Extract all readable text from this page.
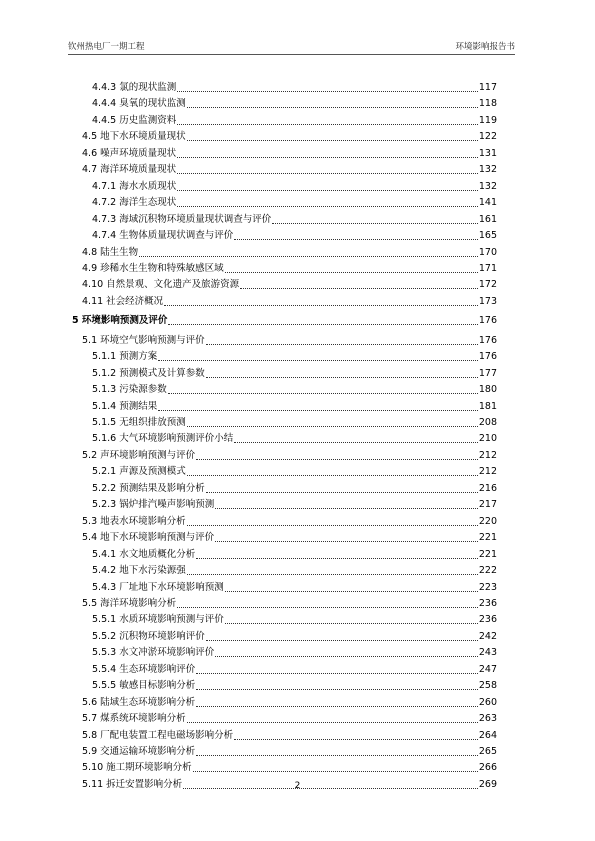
钦州热电厂一期工程	环境影响报告书
4.4.3 氯的现状监测	117
4.4.4 臭氧的现状监测	118
4.4.5 历史监测资料	119
4.5 地下水环境质量现状	122
4.6 噪声环境质量现状	131
4.7 海洋环境质量现状	132
4.7.1 海水水质现状	132
4.7.2 海洋生态现状	141
4.7.3 海域沉积物环境质量现状调查与评价	161
4.7.4 生物体质量现状调查与评价	165
4.8 陆生生物	170
4.9 珍稀水生生物和特殊敏感区域	171
4.10 自然景观、文化遗产及旅游资源	172
4.11 社会经济概况	173
5 环境影响预测及评价	176
5.1 环境空气影响预测与评价	176
5.1.1 预测方案	176
5.1.2 预测模式及计算参数	177
5.1.3 污染源参数	180
5.1.4 预测结果	181
5.1.5 无组织排放预测	208
5.1.6 大气环境影响预测评价小结	210
5.2 声环境影响预测与评价	212
5.2.1 声源及预测模式	212
5.2.2 预测结果及影响分析	216
5.2.3 锅炉排汽噪声影响预测	217
5.3 地表水环境影响分析	220
5.4 地下水环境影响预测与评价	221
5.4.1 水文地质概化分析	221
5.4.2 地下水污染源强	222
5.4.3 厂址地下水环境影响预测	223
5.5 海洋环境影响分析	236
5.5.1 水质环境影响预测与评价	236
5.5.2 沉积物环境影响评价	242
5.5.3 水文冲淤环境影响评价	243
5.5.4 生态环境影响评价	247
5.5.5 敏感目标影响分析	258
5.6 陆域生态环境影响分析	260
5.7 煤系统环境影响分析	263
5.8 厂配电装置工程电磁场影响分析	264
5.9 交通运输环境影响分析	265
5.10 施工期环境影响分析	266
5.11 拆迁安置影响分析	269
2
